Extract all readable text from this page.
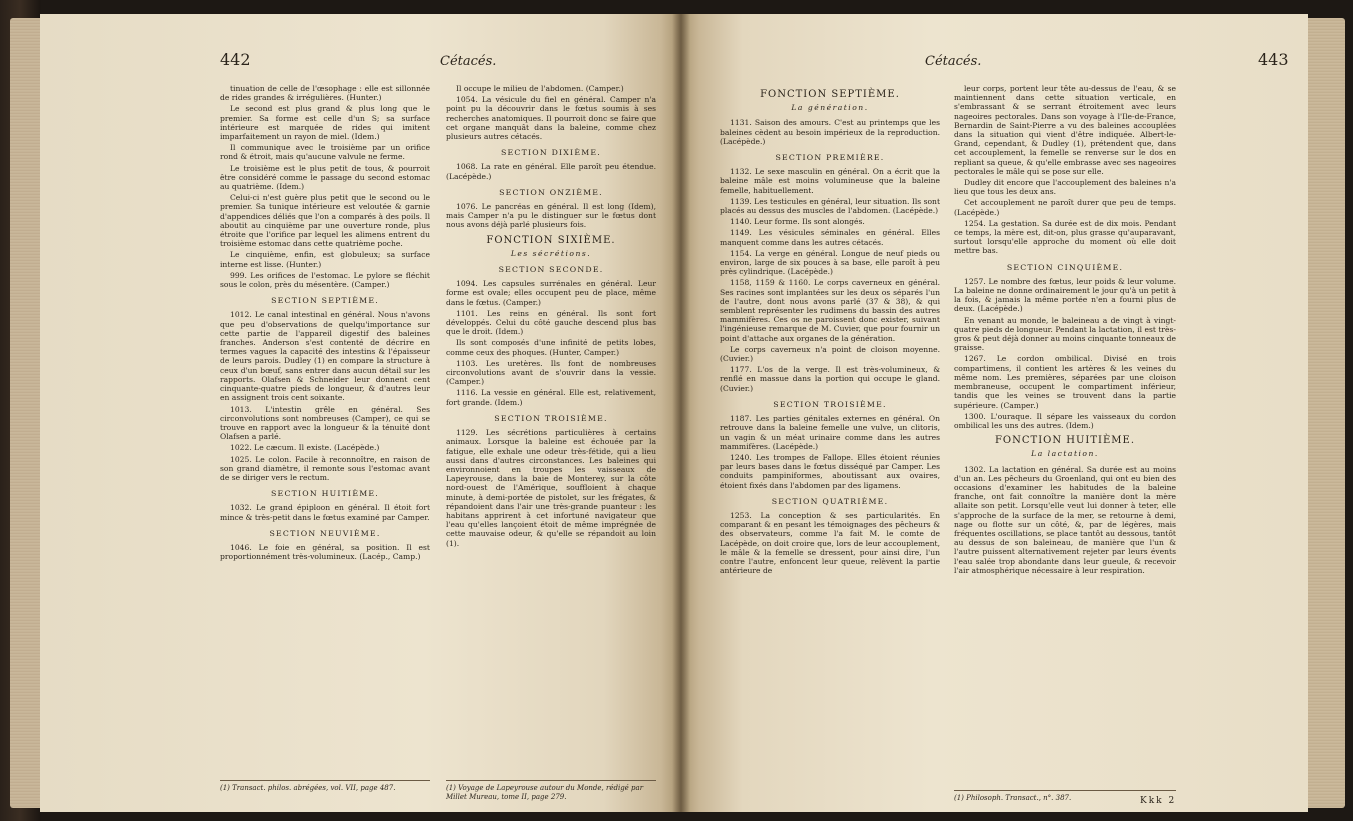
442	Cétacés.

tinuation de celle de l'œsophage : elle est sillonnée de rides grandes & irrégulières. (Hunter.)

Le second est plus grand & plus long que le premier. Sa forme est celle d'un S; sa surface intérieure est marquée de rides qui imitent imparfaitement un rayon de miel. (Idem.)

Il communique avec le troisième par un orifice rond & étroit, mais qu'aucune valvule ne ferme.

Le troisième est le plus petit de tous, & pourroit être considéré comme le passage du second estomac au quatrième. (Idem.)

Celui-ci n'est guère plus petit que le second ou le premier. Sa tunique intérieure est veloutée & garnie d'appendices déliés que l'on a comparés à des poils. Il aboutit au cinquième par une ouverture ronde, plus étroite que l'orifice par lequel les alimens entrent du troisième estomac dans cette quatrième poche.

Le cinquième, enfin, est globuleux; sa surface interne est lisse. (Hunter.)

999. Les orifices de l'estomac. Le pylore se fléchit sous le colon, près du mésentère. (Camper.)

SECTION SEPTIÈME.

1012. Le canal intestinal en général. Nous n'avons que peu d'observations de quelqu'importance sur cette partie de l'appareil digestif des baleines franches. Anderson s'est contenté de décrire en termes vagues la capacité des intestins & l'épaisseur de leurs parois. Dudley (1) en compare la structure à ceux d'un bœuf, sans entrer dans aucun détail sur les rapports. Olafsen & Schneider leur donnent cent cinquante-quatre pieds de longueur, & d'autres leur en assignent trois cent soixante.

1013. L'intestin grêle en général. Ses circonvolutions sont nombreuses (Camper), ce qui se trouve en rapport avec la longueur & la ténuité dont Olafsen a parlé.

1022. Le cæcum. Il existe. (Lacépède.)

1025. Le colon. Facile à reconnoître, en raison de son grand diamètre, il remonte sous l'estomac avant de se diriger vers le rectum.

SECTION HUITIÈME.

1032. Le grand épiploon en général. Il étoit fort mince & très-petit dans le fœtus examiné par Camper.

SECTION NEUVIÈME.

1046. Le foie en général, sa position. Il est proportionnément très-volumineux. (Lacép., Camp.)

(1) Transact. philos. abrégées, vol. VII, page 487.

Il occupe le milieu de l'abdomen. (Camper.)

1054. La vésicule du fiel en général. Camper n'a point pu la découvrir dans le fœtus soumis à ses recherches anatomiques. Il pourroit donc se faire que cet organe manquât dans la baleine, comme chez plusieurs autres cétacés.

SECTION DIXIÈME.

1068. La rate en général. Elle paroît peu étendue. (Lacépède.)

SECTION ONZIÈME.

1076. Le pancréas en général. Il est long (Idem), mais Camper n'a pu le distinguer sur le fœtus dont nous avons déjà parlé plusieurs fois.

FONCTION SIXIÈME.

Les sécrétions.

SECTION SECONDE.

1094. Les capsules surrénales en général. Leur forme est ovale; elles occupent peu de place, même dans le fœtus. (Camper.)

1101. Les reins en général. Ils sont fort développés. Celui du côté gauche descend plus bas que le droit. (Idem.)

Ils sont composés d'une infinité de petits lobes, comme ceux des phoques. (Hunter, Camper.)

1103. Les uretères. Ils font de nombreuses circonvolutions avant de s'ouvrir dans la vessie. (Camper.)

1116. La vessie en général. Elle est, relativement, fort grande. (Idem.)

SECTION TROISIÈME.

1129. Les sécrétions particulières à certains animaux. Lorsque la baleine est échouée par la fatigue, elle exhale une odeur très-fétide, qui a lieu aussi dans d'autres circonstances. Les baleines qui environnoient en troupes les vaisseaux de Lapeyrouse, dans la baie de Monterey, sur la côte nord-ouest de l'Amérique, souffloient à chaque minute, à demi-portée de pistolet, sur les frégates, & répandoient dans l'air une très-grande puanteur : les habitans apprirent à cet infortuné navigateur que l'eau qu'elles lançoient étoit de même imprégnée de cette mauvaise odeur, & qu'elle se répandoit au loin (1).

(1) Voyage de Lapeyrouse autour du Monde, rédigé par Millet Mureau, tome II, page 279.
Cétacés.	443

FONCTION SEPTIÈME.

La génération.

1131. Saison des amours. C'est au printemps que les baleines cèdent au besoin impérieux de la reproduction. (Lacépède.)

SECTION PREMIÈRE.

1132. Le sexe masculin en général. On a écrit que la baleine mâle est moins volumineuse que la baleine femelle, habituellement.

1139. Les testicules en général, leur situation. Ils sont placés au dessus des muscles de l'abdomen. (Lacépède.)

1140. Leur forme. Ils sont alongés.

1149. Les vésicules séminales en général. Elles manquent comme dans les autres cétacés.

1154. La verge en général. Longue de neuf pieds ou environ, large de six pouces à sa base, elle paroît à peu près cylindrique. (Lacépède.)

1158, 1159 & 1160. Le corps caverneux en général. Ses racines sont implantées sur les deux os séparés l'un de l'autre, dont nous avons parlé (37 & 38), & qui semblent représenter les rudimens du bassin des autres mammifères. Ces os ne paroissent donc exister, suivant l'ingénieuse remarque de M. Cuvier, que pour fournir un point d'attache aux organes de la génération.

Le corps caverneux n'a point de cloison moyenne. (Cuvier.)

1177. L'os de la verge. Il est très-volumineux, & renflé en massue dans la portion qui occupe le gland. (Cuvier.)

SECTION TROISIÈME.

1187. Les parties génitales externes en général. On retrouve dans la baleine femelle une vulve, un clitoris, un vagin & un méat urinaire comme dans les autres mammifères. (Lacépède.)

1240. Les trompes de Fallope. Elles étoient réunies par leurs bases dans le fœtus disséqué par Camper. Les conduits pampiniformes, aboutissant aux ovaires, étoient fixés dans l'abdomen par des ligamens.

SECTION QUATRIÈME.

1253. La conception & ses particularités. En comparant & en pesant les témoignages des pêcheurs & des observateurs, comme l'a fait M. le comte de Lacépède, on doit croire que, lors de leur accouplement, le mâle & la femelle se dressent, pour ainsi dire, l'un contre l'autre, enfoncent leur queue, relèvent la partie antérieure de

leur corps, portent leur tête au-dessus de l'eau, & se maintiennent dans cette situation verticale, en s'embrassant & se serrant étroitement avec leurs nageoires pectorales. Dans son voyage à l'Ile-de-France, Bernardin de Saint-Pierre a vu des baleines accouplées dans la situation qui vient d'être indiquée. Albert-le-Grand, cependant, & Dudley (1), prétendent que, dans cet accouplement, la femelle se renverse sur le dos en repliant sa queue, & qu'elle embrasse avec ses nageoires pectorales le mâle qui se pose sur elle.

Dudley dit encore que l'accouplement des baleines n'a lieu que tous les deux ans.

Cet accouplement ne paroît durer que peu de temps. (Lacépède.)

1254. La gestation. Sa durée est de dix mois. Pendant ce temps, la mère est, dit-on, plus grasse qu'auparavant, surtout lorsqu'elle approche du moment où elle doit mettre bas.

SECTION CINQUIÈME.

1257. Le nombre des fœtus, leur poids & leur volume. La baleine ne donne ordinairement le jour qu'à un petit à la fois, & jamais la même portée n'en a fourni plus de deux. (Lacépède.)

En venant au monde, le baleineau a de vingt à vingt-quatre pieds de longueur. Pendant la lactation, il est très-gros & peut déjà donner au moins cinquante tonneaux de graisse.

1267. Le cordon ombilical. Divisé en trois compartimens, il contient les artères & les veines du même nom. Les premières, séparées par une cloison membraneuse, occupent le compartiment inférieur, tandis que les veines se trouvent dans la partie supérieure. (Camper.)

1300. L'ouraque. Il sépare les vaisseaux du cordon ombilical les uns des autres. (Idem.)

FONCTION HUITIÈME.

La lactation.

1302. La lactation en général. Sa durée est au moins d'un an. Les pêcheurs du Groenland, qui ont eu bien des occasions d'examiner les habitudes de la baleine franche, ont fait connoître la manière dont la mère allaite son petit. Lorsqu'elle veut lui donner à teter, elle s'approche de la surface de la mer, se retourne à demi, nage ou flotte sur un côté, &, par de légères, mais fréquentes oscillations, se place tantôt au dessous, tantôt au dessus de son baleineau, de manière que l'un & l'autre puissent alternativement rejeter par leurs évents l'eau salée trop abondante dans leur gueule, & recevoir l'air atmosphérique nécessaire à leur respiration.

(1) Philosoph. Transact., n°. 387.	Kkk 2
